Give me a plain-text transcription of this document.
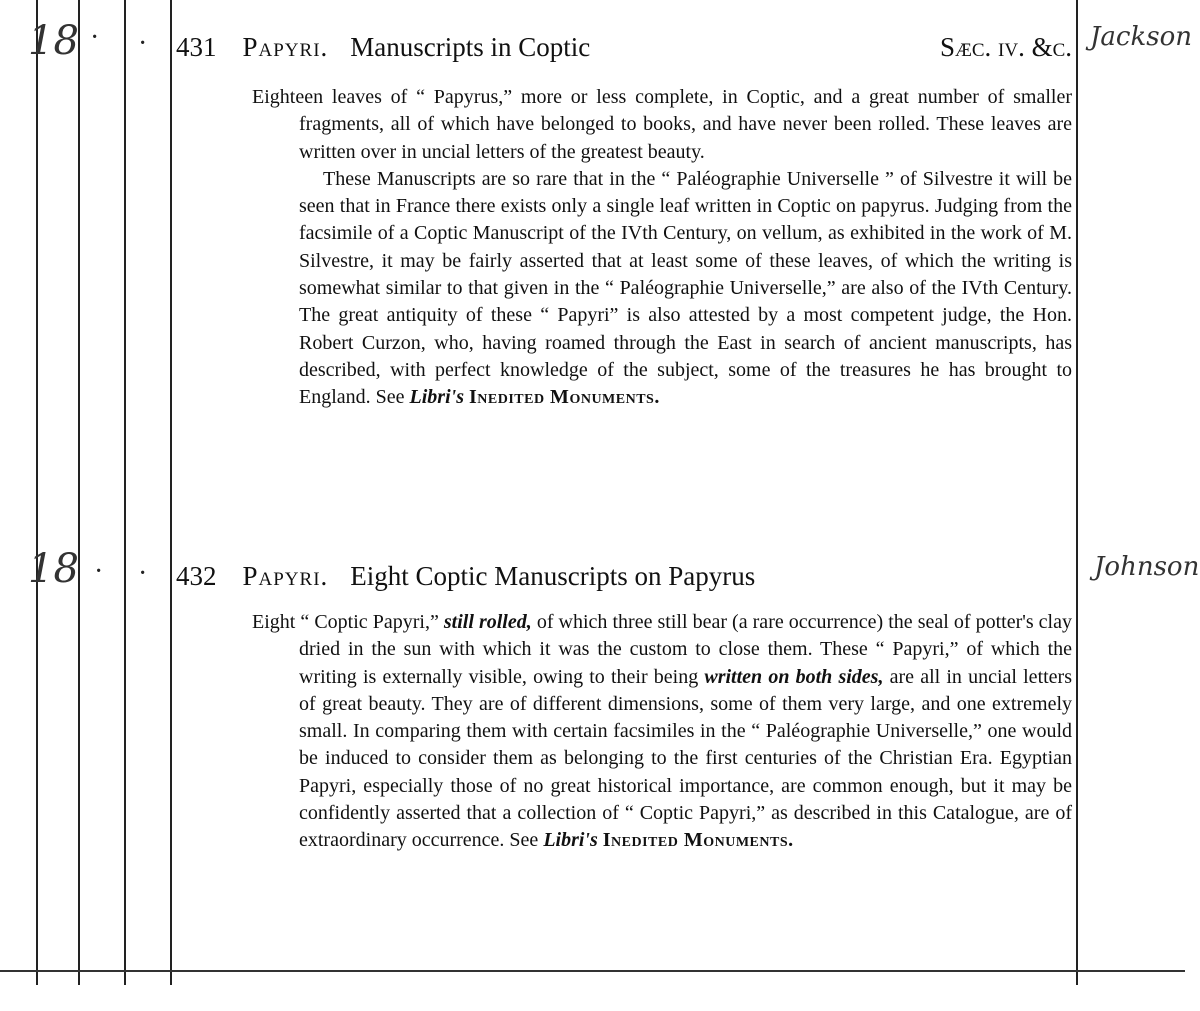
18 · ·	Jackson
431 Papyri. Manuscripts in Coptic	Sæc. iv. &c.

Eighteen leaves of “ Papyrus,” more or less complete, in Coptic, and a great number of smaller fragments, all of which have belonged to books, and have never been rolled. These leaves are written over in uncial letters of the greatest beauty.

These Manuscripts are so rare that in the “ Paléographie Universelle ” of Silvestre it will be seen that in France there exists only a single leaf written in Coptic on papyrus. Judging from the facsimile of a Coptic Manuscript of the IVth Century, on vellum, as exhibited in the work of M. Silvestre, it may be fairly asserted that at least some of these leaves, of which the writing is somewhat similar to that given in the “ Paléographie Universelle,” are also of the IVth Century. The great antiquity of these “ Papyri” is also attested by a most competent judge, the Hon. Robert Curzon, who, having roamed through the East in search of ancient manuscripts, has described, with perfect knowledge of the subject, some of the treasures he has brought to England. See Libri's Inedited Monuments.

18 · ·	Johnson
432 Papyri. Eight Coptic Manuscripts on Papyrus

Eight “ Coptic Papyri,” still rolled, of which three still bear (a rare occurrence) the seal of potter's clay dried in the sun with which it was the custom to close them. These “ Papyri,” of which the writing is externally visible, owing to their being written on both sides, are all in uncial letters of great beauty. They are of different dimensions, some of them very large, and one extremely small. In comparing them with certain facsimiles in the “ Paléographie Universelle,” one would be induced to consider them as belonging to the first centuries of the Christian Era. Egyptian Papyri, especially those of no great historical importance, are common enough, but it may be confidently asserted that a collection of “ Coptic Papyri,” as described in this Catalogue, are of extraordinary occurrence. See Libri's Inedited Monuments.
